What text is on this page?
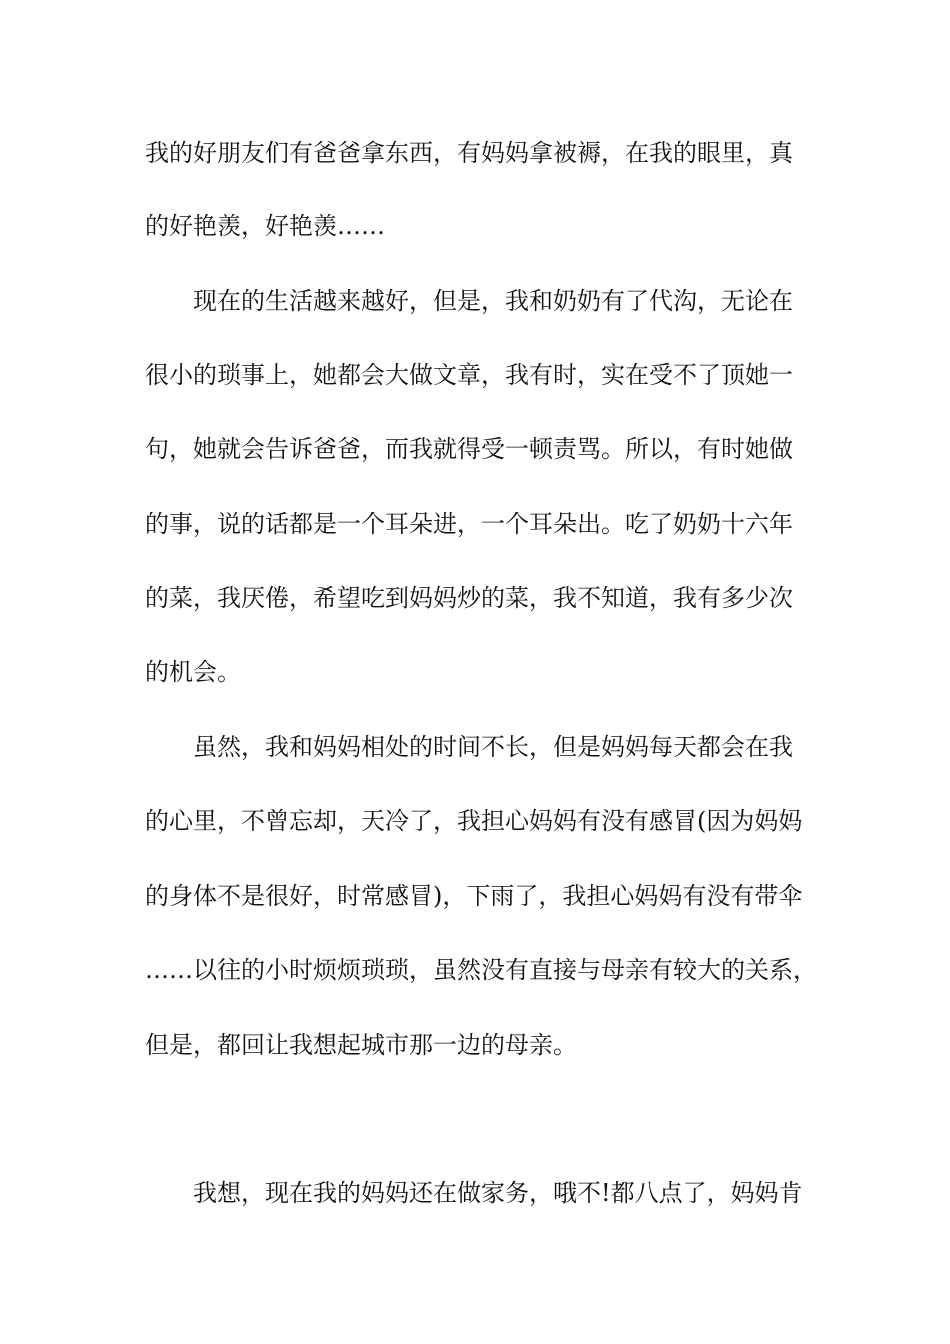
我的好朋友们有爸爸拿东西，有妈妈拿被褥，在我的眼里，真
的好艳羡，好艳羡……
现在的生活越来越好，但是，我和奶奶有了代沟，无论在
很小的琐事上，她都会大做文章，我有时，实在受不了顶她一
句，她就会告诉爸爸，而我就得受一顿责骂。所以，有时她做
的事，说的话都是一个耳朵进，一个耳朵出。吃了奶奶十六年
的菜，我厌倦，希望吃到妈妈炒的菜，我不知道，我有多少次
的机会。
虽然，我和妈妈相处的时间不长，但是妈妈每天都会在我
的心里，不曾忘却，天冷了，我担心妈妈有没有感冒(因为妈妈
的身体不是很好，时常感冒)，下雨了，我担心妈妈有没有带伞
……以往的小时烦烦琐琐，虽然没有直接与母亲有较大的关系，
但是，都回让我想起城市那一边的母亲。
我想，现在我的妈妈还在做家务，哦不!都八点了，妈妈肯
